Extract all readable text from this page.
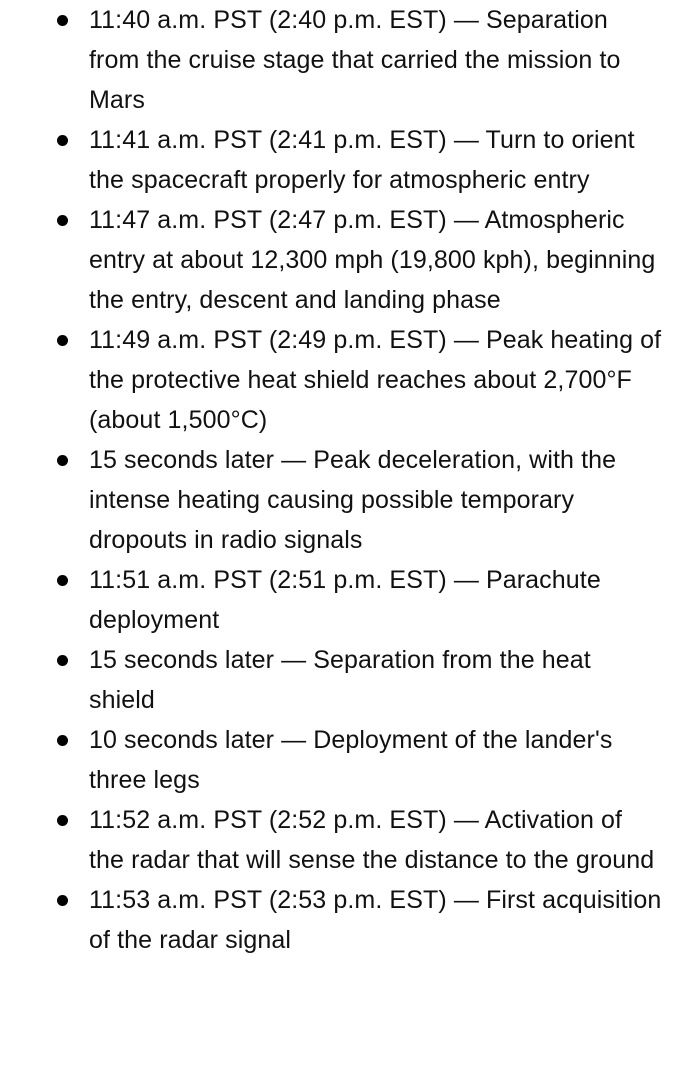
11:40 a.m. PST (2:40 p.m. EST) — Separation from the cruise stage that carried the mission to Mars
11:41 a.m. PST (2:41 p.m. EST) — Turn to orient the spacecraft properly for atmospheric entry
11:47 a.m. PST (2:47 p.m. EST) — Atmospheric entry at about 12,300 mph (19,800 kph), beginning the entry, descent and landing phase
11:49 a.m. PST (2:49 p.m. EST) — Peak heating of the protective heat shield reaches about 2,700°F (about 1,500°C)
15 seconds later — Peak deceleration, with the intense heating causing possible temporary dropouts in radio signals
11:51 a.m. PST (2:51 p.m. EST) — Parachute deployment
15 seconds later — Separation from the heat shield
10 seconds later — Deployment of the lander's three legs
11:52 a.m. PST (2:52 p.m. EST) — Activation of the radar that will sense the distance to the ground
11:53 a.m. PST (2:53 p.m. EST) — First acquisition of the radar signal
